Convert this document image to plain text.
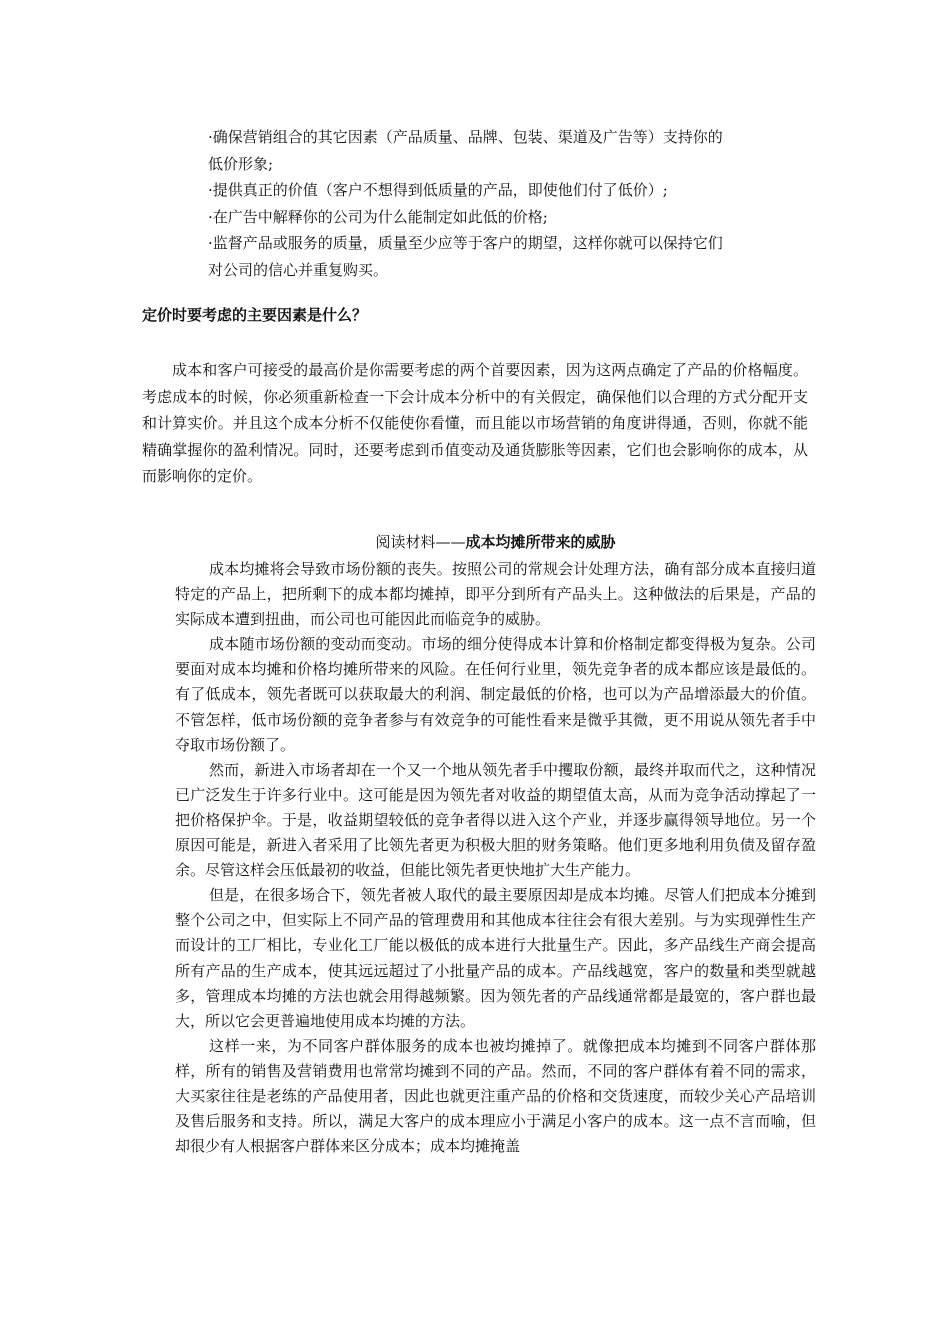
·确保营销组合的其它因素（产品质量、品牌、包装、渠道及广告等）支持你的
低价形象;

·提供真正的价值（客户不想得到低质量的产品，即使他们付了低价）;

·在广告中解释你的公司为什么能制定如此低的价格;

·监督产品或服务的质量，质量至少应等于客户的期望，这样你就可以保持它们
对公司的信心并重复购买。

定价时要考虑的主要因素是什么？

成本和客户可接受的最高价是你需要考虑的两个首要因素，因为这两点确定了产品的价格幅度。考虑成本的时候，你必须重新检查一下会计成本分析中的有关假定，确保他们以合理的方式分配开支和计算实价。并且这个成本分析不仅能使你看懂，而且能以市场营销的角度讲得通，否则，你就不能精确掌握你的盈利情况。同时，还要考虑到币值变动及通货膨胀等因素，它们也会影响你的成本，从而影响你的定价。

阅读材料——成本均摊所带来的威胁

成本均摊将会导致市场份额的丧失。按照公司的常规会计处理方法，确有部分成本直接归道特定的产品上，把所剩下的成本都均摊掉，即平分到所有产品头上。这种做法的后果是，产品的实际成本遭到扭曲，而公司也可能因此而临竞争的威胁。

成本随市场份额的变动而变动。市场的细分使得成本计算和价格制定都变得极为复杂。公司要面对成本均摊和价格均摊所带来的风险。在任何行业里，领先竞争者的成本都应该是最低的。有了低成本，领先者既可以获取最大的利润、制定最低的价格，也可以为产品增添最大的价值。不管怎样，低市场份额的竞争者参与有效竞争的可能性看来是微乎其微，更不用说从领先者手中夺取市场份额了。

然而，新进入市场者却在一个又一个地从领先者手中攫取份额，最终并取而代之，这种情况已广泛发生于许多行业中。这可能是因为领先者对收益的期望值太高，从而为竞争活动撑起了一把价格保护伞。于是，收益期望较低的竞争者得以进入这个产业，并逐步赢得领导地位。另一个原因可能是，新进入者采用了比领先者更为积极大胆的财务策略。他们更多地利用负债及留存盈余。尽管这样会压低最初的收益，但能比领先者更快地扩大生产能力。

但是，在很多场合下，领先者被人取代的最主要原因却是成本均摊。尽管人们把成本分摊到整个公司之中，但实际上不同产品的管理费用和其他成本往往会有很大差别。与为实现弹性生产而设计的工厂相比，专业化工厂能以极低的成本进行大批量生产。因此，多产品线生产商会提高所有产品的生产成本，使其远远超过了小批量产品的成本。产品线越宽，客户的数量和类型就越多，管理成本均摊的方法也就会用得越频繁。因为领先者的产品线通常都是最宽的，客户群也最大，所以它会更普遍地使用成本均摊的方法。

这样一来，为不同客户群体服务的成本也被均摊掉了。就像把成本均摊到不同客户群体那样，所有的销售及营销费用也常常均摊到不同的产品。然而，不同的客户群体有着不同的需求，大买家往往是老练的产品使用者，因此也就更注重产品的价格和交货速度，而较少关心产品培训及售后服务和支持。所以，满足大客户的成本理应小于满足小客户的成本。这一点不言而喻，但却很少有人根据客户群体来区分成本；成本均摊掩盖
